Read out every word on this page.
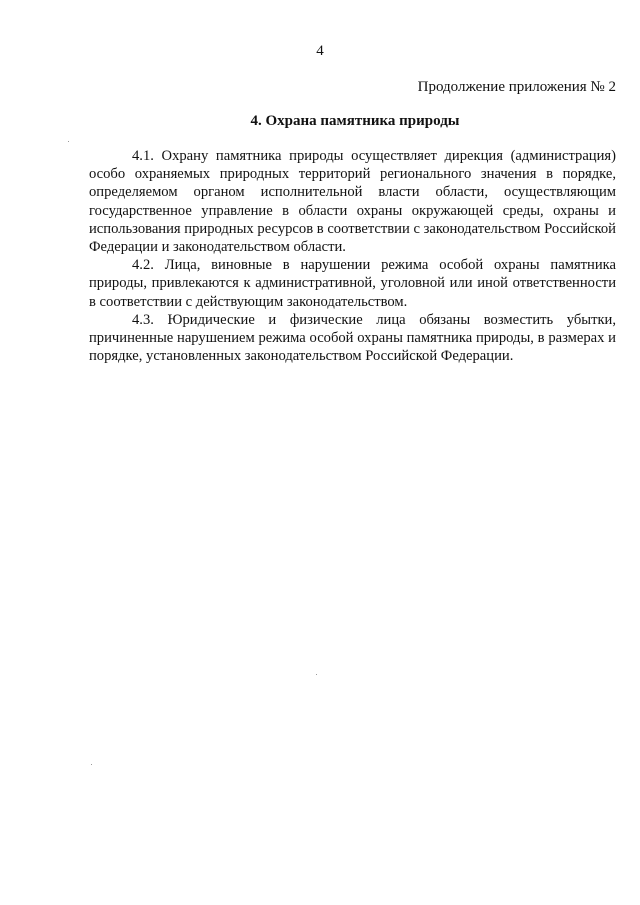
4
Продолжение приложения № 2
4. Охрана памятника природы

4.1. Охрану памятника природы осуществляет дирекция (администрация) особо охраняемых природных территорий регионального значения в порядке, определяемом органом исполнительной власти области, осуществляющим государственное управление в области охраны окружающей среды, охраны и использования природных ресурсов в соответствии с законодательством Российской Федерации и законодательством области.

4.2. Лица, виновные в нарушении режима особой охраны памятника природы, привлекаются к административной, уголовной или иной ответственности в соответствии с действующим законодательством.

4.3. Юридические и физические лица обязаны возместить убытки, причиненные нарушением режима особой охраны памятника природы, в размерах и порядке, установленных законодательством Российской Федерации.
